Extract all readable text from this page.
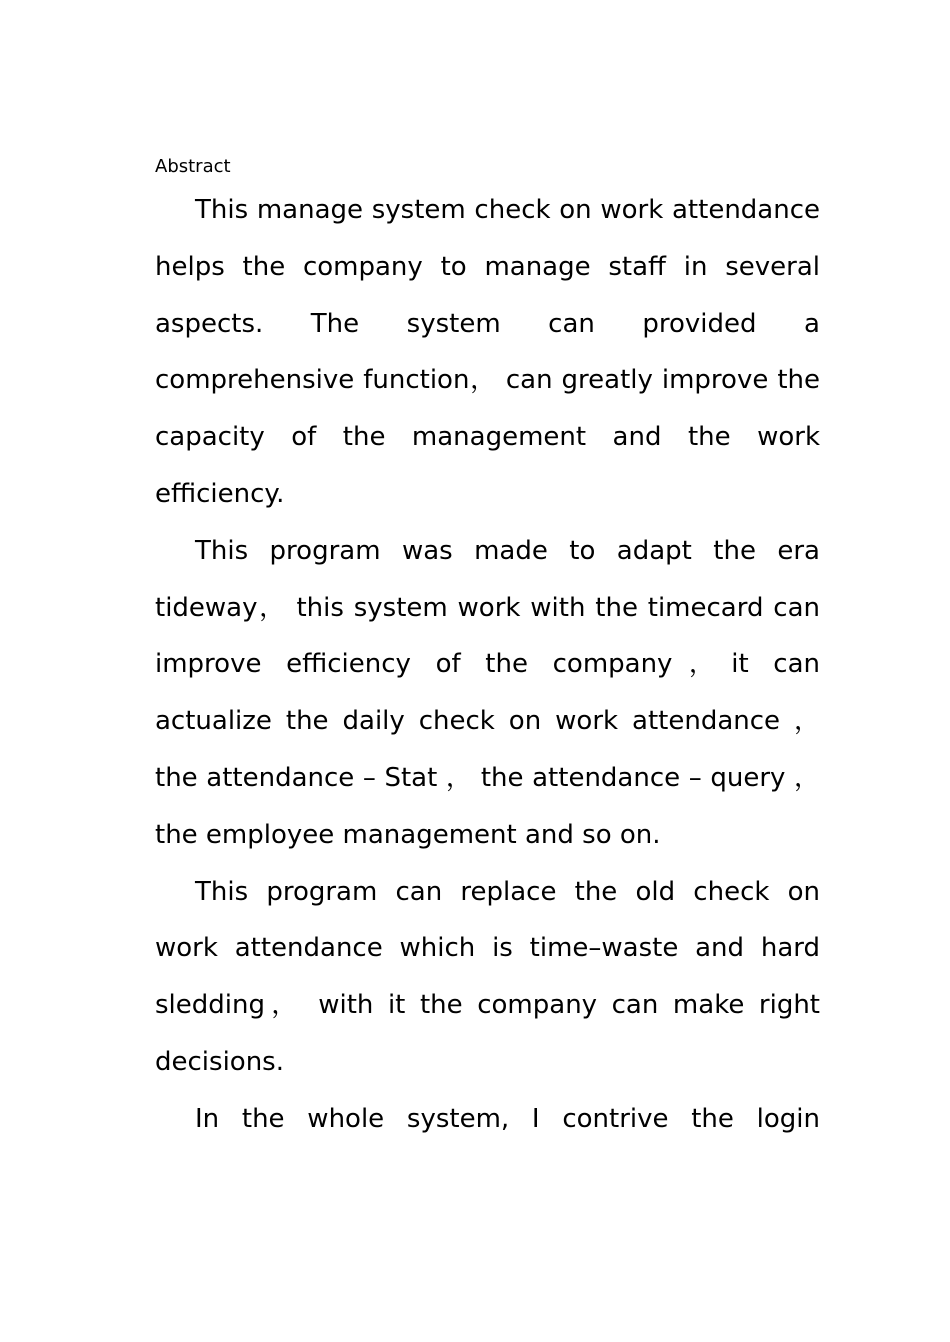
Abstract

This manage system check on work attendance helps the company to manage staff in several aspects. The system can provided a comprehensive function， can greatly improve the capacity of the management and the work efficiency.

This program was made to adapt the era tideway， this system work with the timecard can improve efficiency of the company，it can actualize the daily check on work attendance ， the attendance – Stat ， the attendance – query ， the employee management and so on.

This program can replace the old check on work attendance which is time–waste and hard sledding， with it the company can make right decisions.

In the whole system, I contrive the login
